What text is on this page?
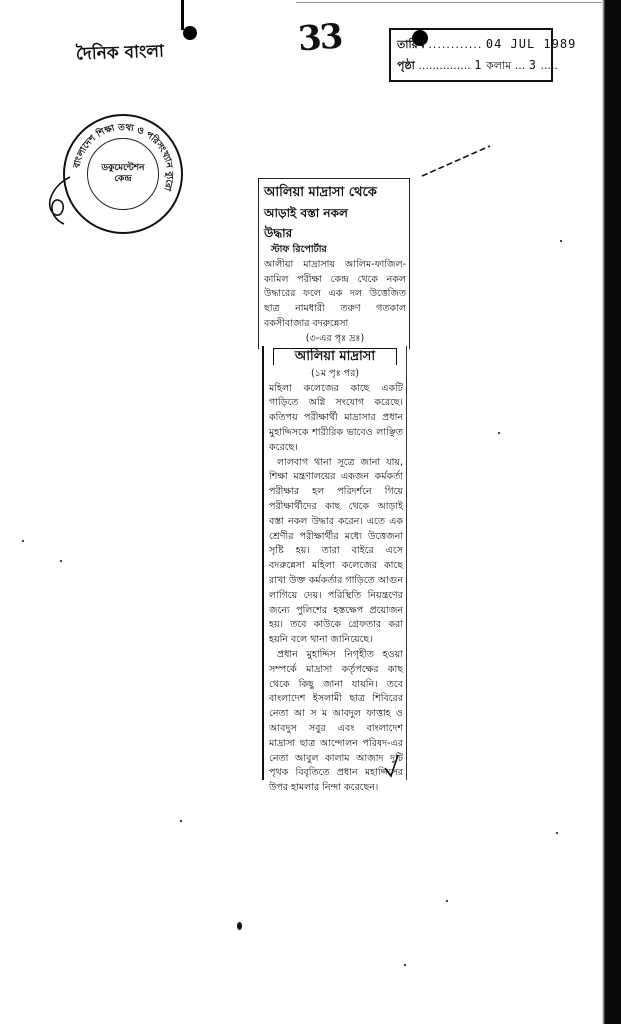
33
দৈনিক বাংলা	তারিখ ............ 04 JUL 1989
পৃষ্ঠা ............... 1 কলাম ... 3 .....
বাংলাদেশ শিক্ষা তথ্য ও পরিসংখ্যান ব্যুরো
ডকুমেন্টেশন
কেন্দ্র
আলিয়া মাদ্রাসা থেকে
আড়াই বস্তা নকল
উদ্ধার
স্টাফ রিপোর্টার

আলীয়া মাদ্রাসায় আলিম-ফাজিল-কামিল পরীক্ষা কেন্দ্র থেকে নকল উদ্ধারের ফলে এক দল উত্তেজিত ছাত্র নামধারী তরুণ গতকাল বকসীবাজার বদরুন্নেসা

(৩-এর পৃঃ দ্রঃ)

আলিয়া মাদ্রাসা
(১ম পৃঃ পর)

মহিলা কলেজের কাছে একটি গাড়িতে অগ্নি সংযোগ করেছে। কতিপয় পরীক্ষার্থী মাদ্রাসার প্রধান মুহাদ্দিসকে শারীরিক ভাবেও লাঞ্ছিত করেছে।

লালবাগ থানা সূত্রে জানা যায়, শিক্ষা মন্ত্রণালয়ের একজন কর্মকর্তা পরীক্ষার হল পরিদর্শনে গিয়ে পরীক্ষার্থীদের কাছ থেকে আড়াই বস্তা নকল উদ্ধার করেন। এতে এক শ্রেণীর পরীক্ষার্থীর মধ্যে উত্তেজনা সৃষ্টি হয়। তারা বাইরে এসে বদরুন্নেসা মহিলা কলেজের কাছে রাখা উক্ত কর্মকর্তার গাড়িতে আগুন লাগিয়ে দেয়। পরিস্থিতি নিয়ন্ত্রণের জন্যে পুলিশের হস্তক্ষেপ প্রয়োজন হয়। তবে কাউকে গ্রেফতার করা হয়নি বলে থানা জানিয়েছে।

প্রধান মুহাদ্দিস নিগৃহীত হওয়া সম্পর্কে মাদ্রাসা কর্তৃপক্ষের কাছ থেকে কিছু জানা যায়নি। তবে বাংলাদেশ ইসলামী ছাত্র শিবিরের নেতা আ স ম আবদুল ফাত্তাহ ও আবদুস সবুর এবং বাংলাদেশ মাদ্রাসা ছাত্র আন্দোলন পরিষদ-এর নেতা আবুল কালাম আজাদ দুটি পৃথক বিবৃতিতে প্রধান মহাদ্দিসের উপর হামলার নিন্দা করেছেন।
